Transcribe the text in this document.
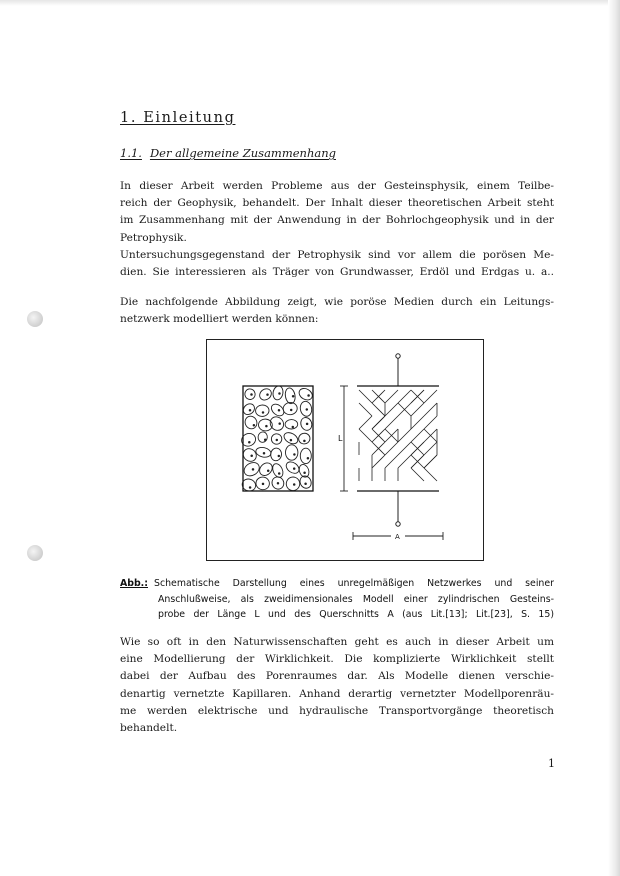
1. Einleitung
1.1. Der allgemeine Zusammenhang
In dieser Arbeit werden Probleme aus der Gesteinsphysik, einem Teilbe-
reich der Geophysik, behandelt. Der Inhalt dieser theoretischen Arbeit steht
im Zusammenhang mit der Anwendung in der Bohrlochgeophysik und in der
Petrophysik.
Untersuchungsgegenstand der Petrophysik sind vor allem die porösen Me-
dien. Sie interessieren als Träger von Grundwasser, Erdöl und Erdgas u. a..
Die nachfolgende Abbildung zeigt, wie poröse Medien durch ein Leitungs-
netzwerk modelliert werden können:
L
A
Abb.: Schematische Darstellung eines unregelmäßigen Netzwerkes und seiner
Anschlußweise, als zweidimensionales Modell einer zylindrischen Gesteins-
probe der Länge L und des Querschnitts A (aus Lit.[13]; Lit.[23], S. 15)
Wie so oft in den Naturwissenschaften geht es auch in dieser Arbeit um
eine Modellierung der Wirklichkeit. Die komplizierte Wirklichkeit stellt
dabei der Aufbau des Porenraumes dar. Als Modelle dienen verschie-
denartig vernetzte Kapillaren. Anhand derartig vernetzter Modellporenräu-
me werden elektrische und hydraulische Transportvorgänge theoretisch
behandelt.
1
